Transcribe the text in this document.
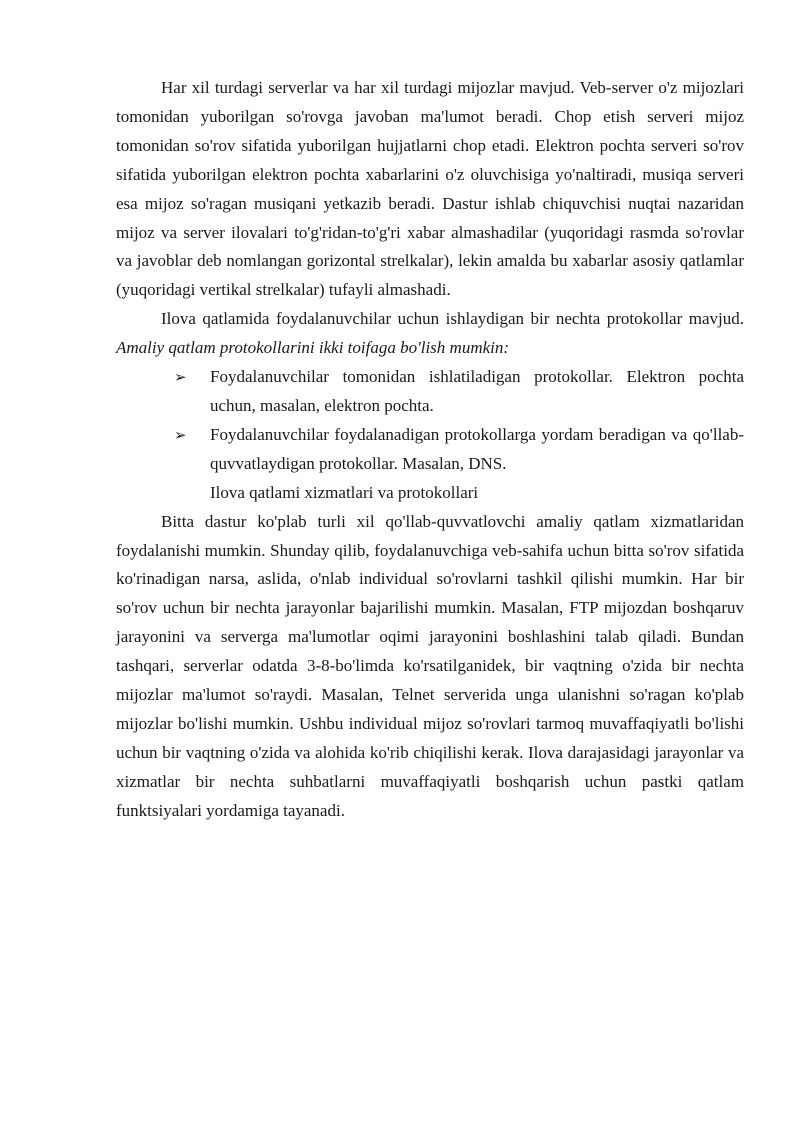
Har xil turdagi serverlar va har xil turdagi mijozlar mavjud. Veb-server o'z mijozlari tomonidan yuborilgan so'rovga javoban ma'lumot beradi. Chop etish serveri mijoz tomonidan so'rov sifatida yuborilgan hujjatlarni chop etadi. Elektron pochta serveri so'rov sifatida yuborilgan elektron pochta xabarlarini o'z oluvchisiga yo'naltiradi, musiqa serveri esa mijoz so'ragan musiqani yetkazib beradi. Dastur ishlab chiquvchisi nuqtai nazaridan mijoz va server ilovalari to'g'ridan-to'g'ri xabar almashadilar (yuqoridagi rasmda so'rovlar va javoblar deb nomlangan gorizontal strelkalar), lekin amalda bu xabarlar asosiy qatlamlar (yuqoridagi vertikal strelkalar) tufayli almashadi.

Ilova qatlamida foydalanuvchilar uchun ishlaydigan bir nechta protokollar mavjud. Amaliy qatlam protokollarini ikki toifaga bo'lish mumkin:

➢	Foydalanuvchilar tomonidan ishlatiladigan protokollar. Elektron pochta uchun, masalan, elektron pochta.
➢	Foydalanuvchilar foydalanadigan protokollarga yordam beradigan va qo'llab-quvvatlaydigan protokollar. Masalan, DNS.

Ilova qatlami xizmatlari va protokollari

Bitta dastur ko'plab turli xil qo'llab-quvvatlovchi amaliy qatlam xizmatlaridan foydalanishi mumkin. Shunday qilib, foydalanuvchiga veb-sahifa uchun bitta so'rov sifatida ko'rinadigan narsa, aslida, o'nlab individual so'rovlarni tashkil qilishi mumkin. Har bir so'rov uchun bir nechta jarayonlar bajarilishi mumkin. Masalan, FTP mijozdan boshqaruv jarayonini va serverga ma'lumotlar oqimi jarayonini boshlashini talab qiladi. Bundan tashqari, serverlar odatda 3-8-bo'limda ko'rsatilganidek, bir vaqtning o'zida bir nechta mijozlar ma'lumot so'raydi. Masalan, Telnet serverida unga ulanishni so'ragan ko'plab mijozlar bo'lishi mumkin. Ushbu individual mijoz so'rovlari tarmoq muvaffaqiyatli bo'lishi uchun bir vaqtning o'zida va alohida ko'rib chiqilishi kerak. Ilova darajasidagi jarayonlar va xizmatlar bir nechta suhbatlarni muvaffaqiyatli boshqarish uchun pastki qatlam funktsiyalari yordamiga tayanadi.
